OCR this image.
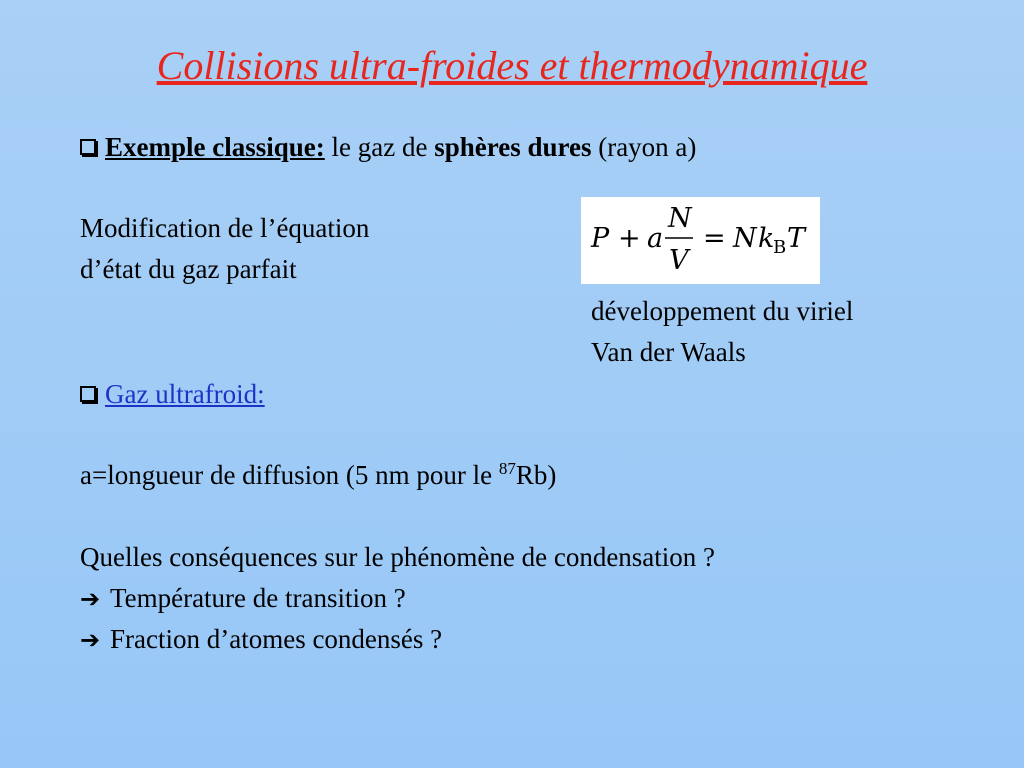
Collisions ultra-froides et thermodynamique
Exemple classique: le gaz de sphères dures (rayon a)
Modification de l’équation
d’état du gaz parfait
P + a
N
V
= N k
B T
développement du viriel
Van der Waals
Gaz ultrafroid:
a=longueur de diffusion (5 nm pour le $^{87}$Rb)
Quelles conséquences sur le phénomène de condensation ?
➔ Température de transition ?
➔ Fraction d’atomes condensés ?
